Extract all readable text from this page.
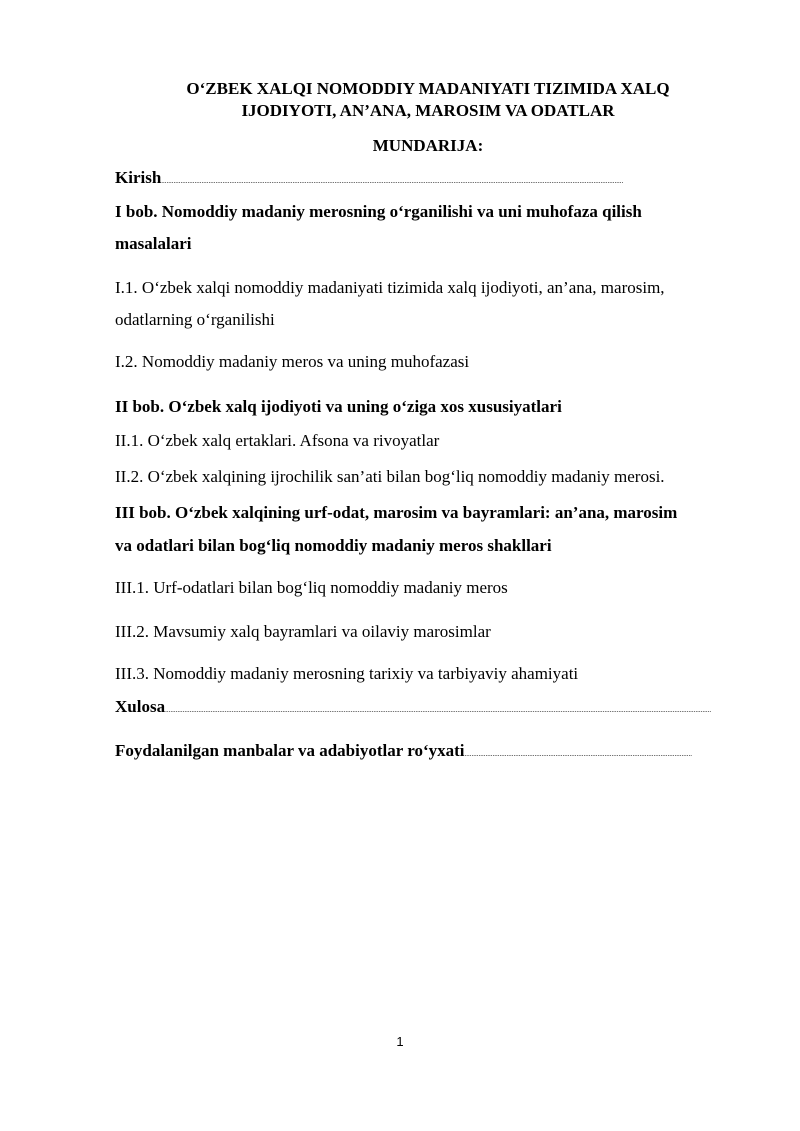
O‘ZBEK XALQI NOMODDIY MADANIYATI TIZIMIDA XALQ
IJODIYOTI, AN’ANA, MAROSIM VA ODATLAR
MUNDARIJA:
Kirish ........................................................................................................................................................................................................................................................................
I bob. Nomoddiy madaniy merosning o‘rganilishi va uni muhofaza qilish
masalalari
I.1. O‘zbek xalqi nomoddiy madaniyati tizimida xalq ijodiyoti, an’ana, marosim,
odatlarning o‘rganilishi
I.2. Nomoddiy madaniy meros va uning muhofazasi
II bob. O‘zbek xalq ijodiyoti va uning o‘ziga xos xususiyatlari
II.1. O‘zbek xalq ertaklari. Afsona va rivoyatlar
II.2. O‘zbek xalqining ijrochilik san’ati bilan bog‘liq nomoddiy madaniy merosi.
III bob. O‘zbek xalqining urf-odat, marosim va bayramlari: an’ana, marosim
va odatlari bilan bog‘liq nomoddiy madaniy meros shakllari
III.1. Urf-odatlari bilan bog‘liq nomoddiy madaniy meros
III.2. Mavsumiy xalq bayramlari va oilaviy marosimlar
III.3. Nomoddiy madaniy merosning tarixiy va tarbiyaviy ahamiyati
Xulosa ........................................................................................................................................................................................................................................................................................................................
Foydalanilgan manbalar va adabiyotlar ro‘yxati ..................................................................................................................................
1
